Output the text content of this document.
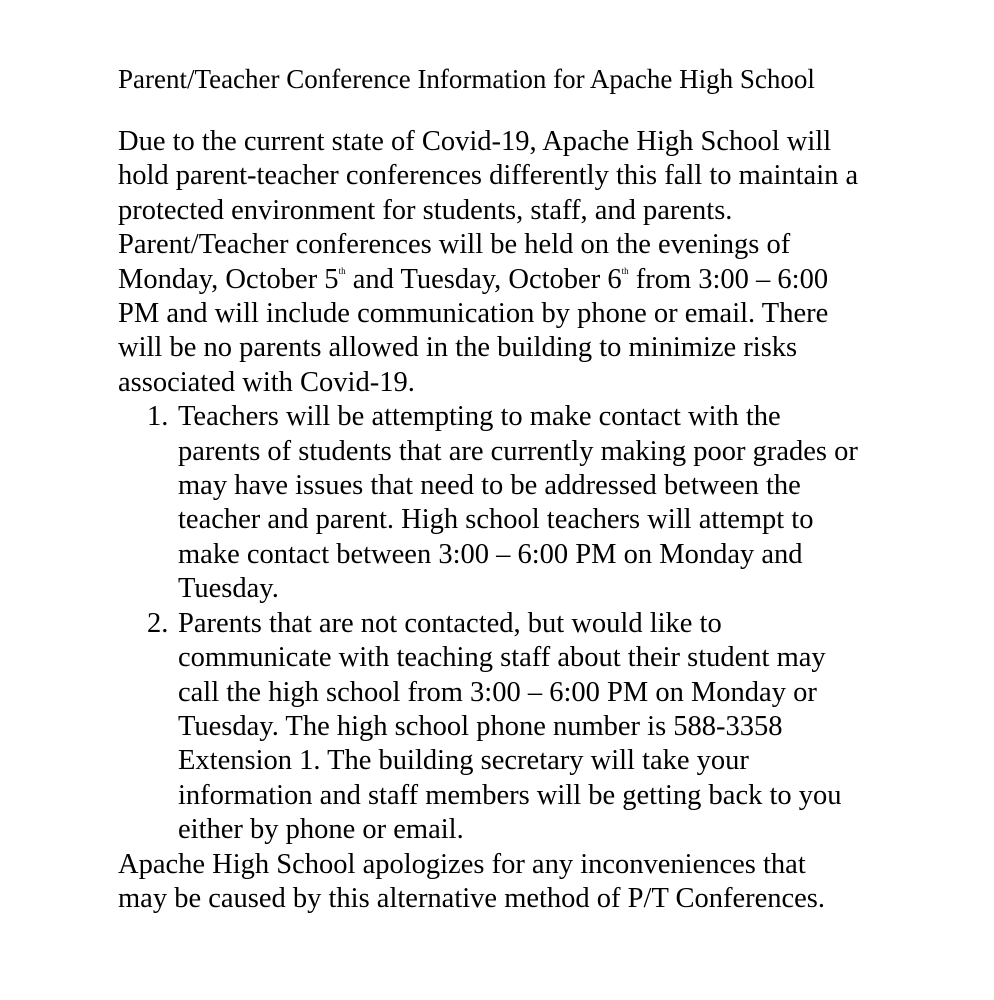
Parent/Teacher Conference Information for Apache High School

Due to the current state of Covid-19, Apache High School will
hold parent-teacher conferences differently this fall to maintain a
protected environment for students, staff, and parents.
Parent/Teacher conferences will be held on the evenings of
Monday, October 5th and Tuesday, October 6th from 3:00 – 6:00
PM and will include communication by phone or email. There
will be no parents allowed in the building to minimize risks
associated with Covid-19.

1. Teachers will be attempting to make contact with the
parents of students that are currently making poor grades or
may have issues that need to be addressed between the
teacher and parent. High school teachers will attempt to
make contact between 3:00 – 6:00 PM on Monday and
Tuesday.
2. Parents that are not contacted, but would like to
communicate with teaching staff about their student may
call the high school from 3:00 – 6:00 PM on Monday or
Tuesday. The high school phone number is 588-3358
Extension 1. The building secretary will take your
information and staff members will be getting back to you
either by phone or email.

Apache High School apologizes for any inconveniences that
may be caused by this alternative method of P/T Conferences.
